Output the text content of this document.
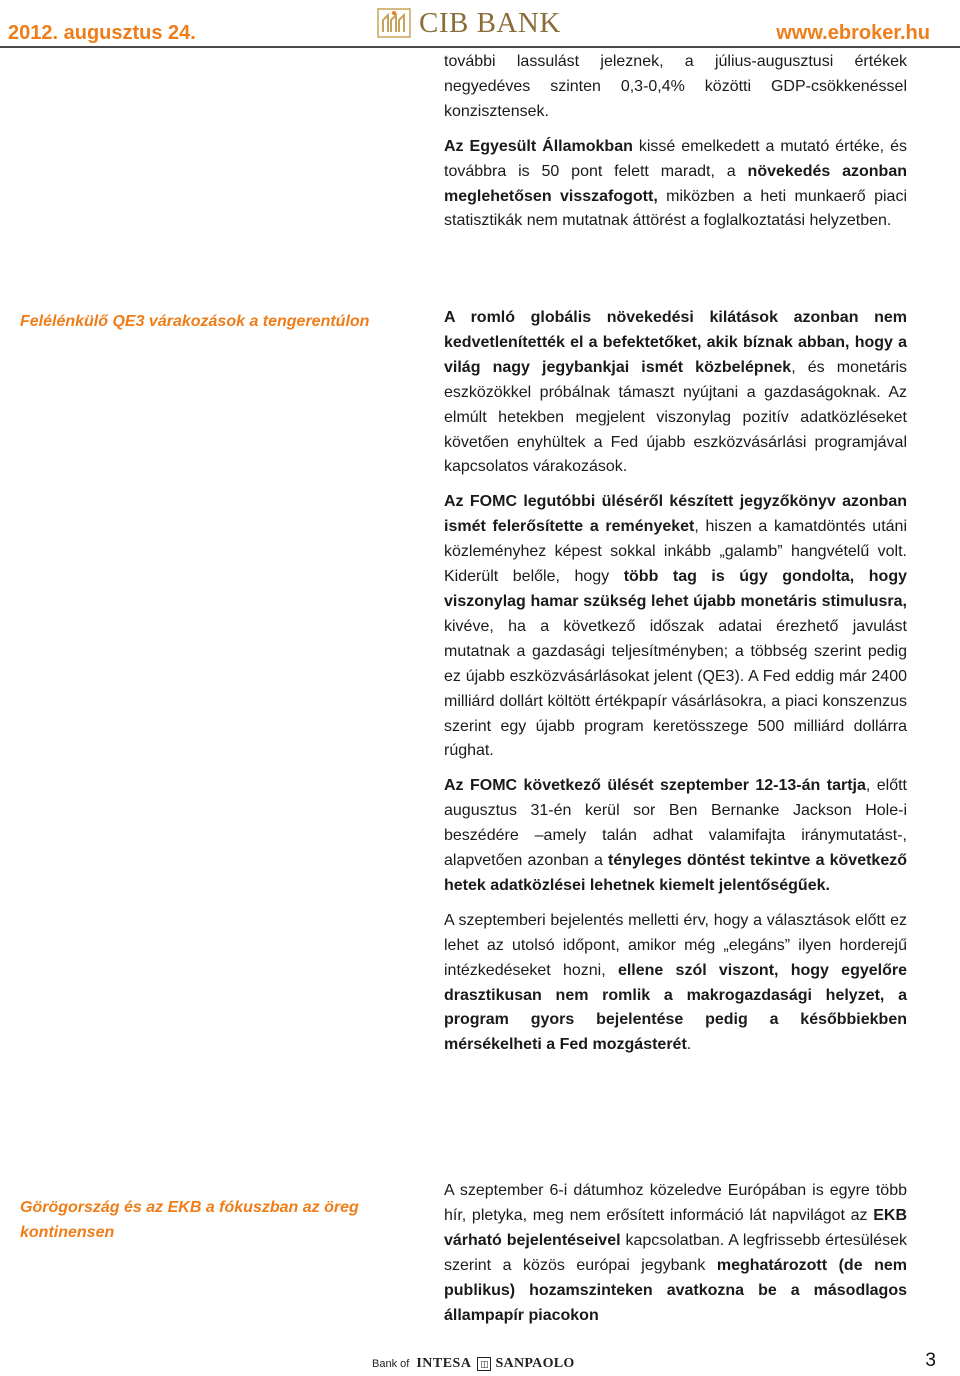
2012. augusztus 24.	CIB BANK	www.ebroker.hu

további lassulást jeleznek, a július-augusztusi értékek negyedéves szinten 0,3-0,4% közötti GDP-csökkenéssel konzisztensek.

Az Egyesült Államokban kissé emelkedett a mutató értéke, és továbbra is 50 pont felett maradt, a növekedés azonban meglehetősen visszafogott, miközben a heti munkaerő piaci statisztikák nem mutatnak áttörést a foglalkoztatási helyzetben.

Felélénkülő QE3 várakozások a tengerentúlon	A romló globális növekedési kilátások azonban nem kedvetlenítették el a befektetőket, akik bíznak abban, hogy a világ nagy jegybankjai ismét közbelépnek, és monetáris eszközökkel próbálnak támaszt nyújtani a gazdaságoknak. Az elmúlt hetekben megjelent viszonylag pozitív adatközléseket követően enyhültek a Fed újabb eszközvásárlási programjával kapcsolatos várakozások.

Az FOMC legutóbbi üléséről készített jegyzőkönyv azonban ismét felerősítette a reményeket, hiszen a kamatdöntés utáni közleményhez képest sokkal inkább „galamb” hangvételű volt. Kiderült belőle, hogy több tag is úgy gondolta, hogy viszonylag hamar szükség lehet újabb monetáris stimulusra, kivéve, ha a következő időszak adatai érezhető javulást mutatnak a gazdasági teljesítményben; a többség szerint pedig ez újabb eszközvásárlásokat jelent (QE3). A Fed eddig már 2400 milliárd dollárt költött értékpapír vásárlásokra, a piaci konszenzus szerint egy újabb program keretösszege 500 milliárd dollárra rúghat.

Az FOMC következő ülését szeptember 12-13-án tartja, előtt augusztus 31-én kerül sor Ben Bernanke Jackson Hole-i beszédére –amely talán adhat valamifajta iránymutatást-, alapvetően azonban a tényleges döntést tekintve a következő hetek adatközlései lehetnek kiemelt jelentőségűek.

A szeptemberi bejelentés melletti érv, hogy a választások előtt ez lehet az utolsó időpont, amikor még „elegáns” ilyen horderejű intézkedéseket hozni, ellene szól viszont, hogy egyelőre drasztikusan nem romlik a makrogazdasági helyzet, a program gyors bejelentése pedig a későbbiekben mérsékelheti a Fed mozgásterét.

Görögország és az EKB a fókuszban az öreg kontinensen

A szeptember 6-i dátumhoz közeledve Európában is egyre több hír, pletyka, meg nem erősített információ lát napvilágot az EKB várható bejelentéseivel kapcsolatban. A legfrissebb értesülések szerint a közös európai jegybank meghatározott (de nem publikus) hozamszinteken avatkozna be a másodlagos állampapír piacokon

Bank of INTESA ◫ SANPAOLO	3
